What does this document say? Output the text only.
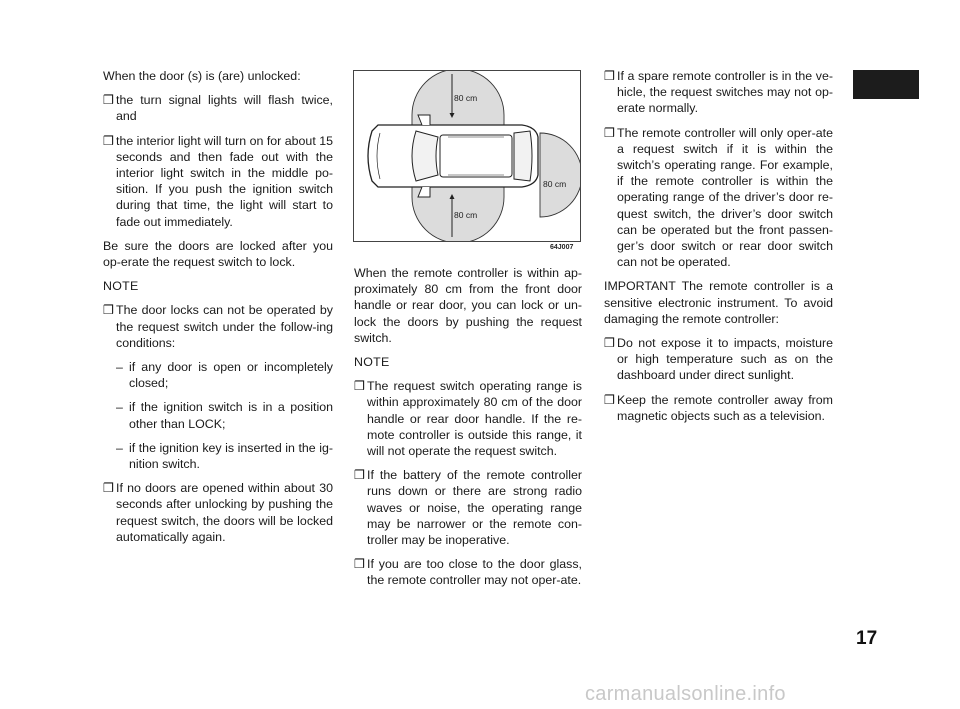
When the door (s) is (are) unlocked:

❒ the turn signal lights will flash twice, and

❒ the interior light will turn on for about 15 seconds and then fade out with the interior light switch in the middle po-sition. If you push the ignition switch during that time, the light will start to fade out immediately.

Be sure the doors are locked after you op-erate the request switch to lock.

NOTE

❒ The door locks can not be operated by the request switch under the follow-ing conditions:

– if any door is open or incompletely closed;

– if the ignition switch is in a position other than LOCK;

– if the ignition key is inserted in the ig-nition switch.

❒ If no doors are opened within about 30 seconds after unlocking by pushing the request switch, the doors will be locked automatically again.

80 cm
80 cm
80 cm
64J007

When the remote controller is within ap-proximately 80 cm from the front door handle or rear door, you can lock or un-lock the doors by pushing the request switch.

NOTE

❒ The request switch operating range is within approximately 80 cm of the door handle or rear door handle. If the re-mote controller is outside this range, it will not operate the request switch.

❒ If the battery of the remote controller runs down or there are strong radio waves or noise, the operating range may be narrower or the remote con-troller may be inoperative.

❒ If you are too close to the door glass, the remote controller may not oper-ate.

❒ If a spare remote controller is in the ve-hicle, the request switches may not op-erate normally.

❒ The remote controller will only oper-ate a request switch if it is within the switch’s operating range. For example, if the remote controller is within the operating range of the driver’s door re-quest switch, the driver’s door switch can be operated but the front passen-ger’s door switch or rear door switch can not be operated.

IMPORTANT The remote controller is a sensitive electronic instrument. To avoid damaging the remote controller:

❒ Do not expose it to impacts, moisture or high temperature such as on the dashboard under direct sunlight.

❒ Keep the remote controller away from magnetic objects such as a television.

17
carmanualsonline.info
